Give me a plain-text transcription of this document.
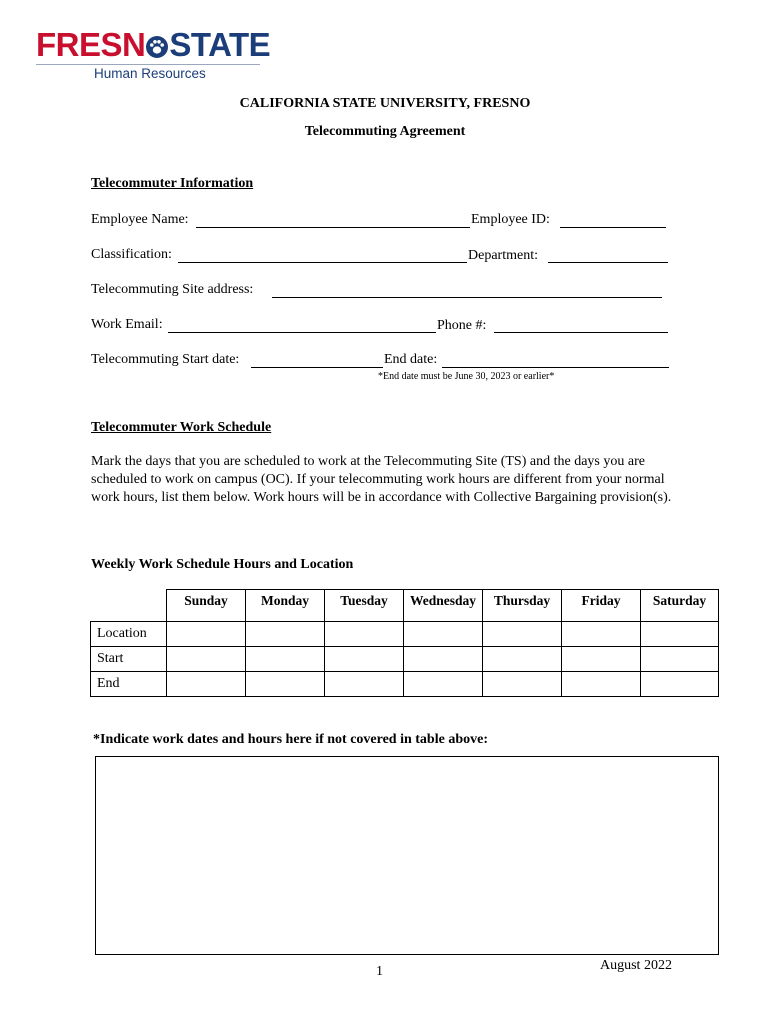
FRESN STATE
Human Resources
CALIFORNIA STATE UNIVERSITY, FRESNO
Telecommuting Agreement
Telecommuter Information
Employee Name:	Employee ID:
Classification:	Department:
Telecommuting Site address:
Work Email:	Phone #:
Telecommuting Start date:	End date:
*End date must be June 30, 2023 or earlier*
Telecommuter Work Schedule
Mark the days that you are scheduled to work at the Telecommuting Site (TS) and the days you are scheduled to work on campus (OC). If your telecommuting work hours are different from your normal work hours, list them below. Work hours will be in accordance with Collective Bargaining provision(s).
Weekly Work Schedule Hours and Location
	Sunday	Monday	Tuesday	Wednesday	Thursday	Friday	Saturday
Location							
Start							
End							
*Indicate work dates and hours here if not covered in table above:
1	August 2022
